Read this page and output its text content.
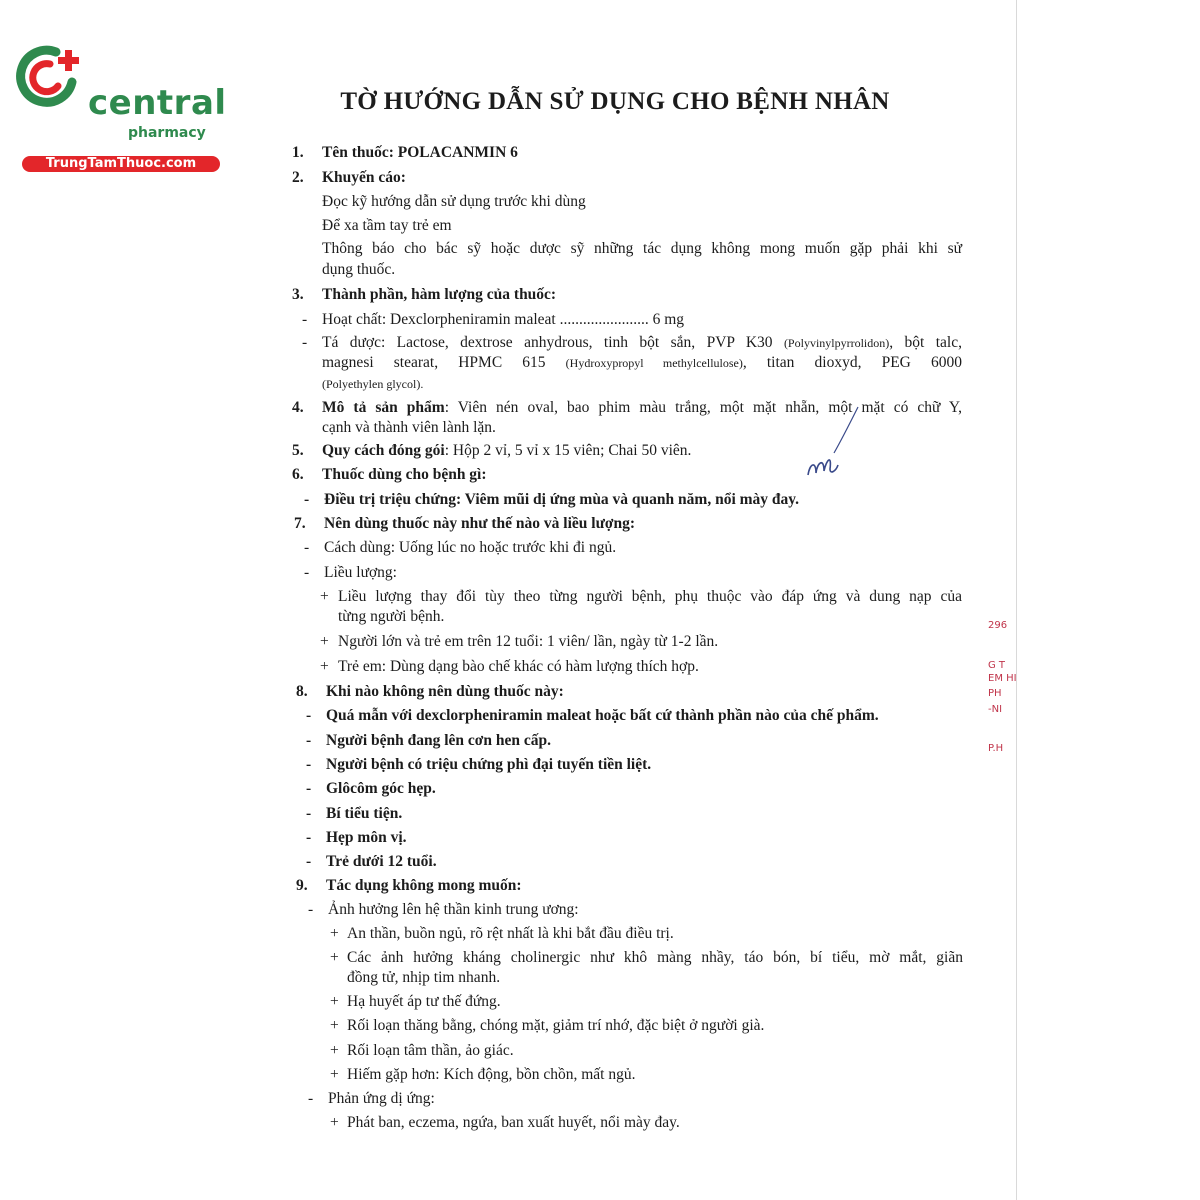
central
pharmacy
TrungTamThuoc.com
TỜ HƯỚNG DẪN SỬ DỤNG CHO BỆNH NHÂN
1. Tên thuốc: POLACANMIN 6
2. Khuyến cáo:
Đọc kỹ hướng dẫn sử dụng trước khi dùng
Để xa tầm tay trẻ em
Thông báo cho bác sỹ hoặc dược sỹ những tác dụng không mong muốn gặp phải khi sử
dụng thuốc.
3. Thành phần, hàm lượng của thuốc:
- Hoạt chất: Dexclorpheniramin maleat ....................... 6 mg
- Tá dược: Lactose, dextrose anhydrous, tinh bột sắn, PVP K30 (Polyvinylpyrrolidon), bột talc,
magnesi stearat, HPMC 615 (Hydroxypropyl methylcellulose), titan dioxyd, PEG 6000
(Polyethylen glycol).
4. Mô tả sản phẩm: Viên nén oval, bao phim màu trắng, một mặt nhẵn, một mặt có chữ Y,
cạnh và thành viên lành lặn.
5. Quy cách đóng gói: Hộp 2 vỉ, 5 vỉ x 15 viên; Chai 50 viên.
6. Thuốc dùng cho bệnh gì:
- Điều trị triệu chứng: Viêm mũi dị ứng mùa và quanh năm, nổi mày đay.
7. Nên dùng thuốc này như thế nào và liều lượng:
- Cách dùng: Uống lúc no hoặc trước khi đi ngủ.
- Liều lượng:
+ Liều lượng thay đổi tùy theo từng người bệnh, phụ thuộc vào đáp ứng và dung nạp của
từng người bệnh.
+ Người lớn và trẻ em trên 12 tuổi: 1 viên/ lần, ngày từ 1-2 lần.
+ Trẻ em: Dùng dạng bào chế khác có hàm lượng thích hợp.
8. Khi nào không nên dùng thuốc này:
- Quá mẫn với dexclorpheniramin maleat hoặc bất cứ thành phần nào của chế phẩm.
- Người bệnh đang lên cơn hen cấp.
- Người bệnh có triệu chứng phì đại tuyến tiền liệt.
- Glôcôm góc hẹp.
- Bí tiểu tiện.
- Hẹp môn vị.
- Trẻ dưới 12 tuổi.
9. Tác dụng không mong muốn:
- Ảnh hưởng lên hệ thần kinh trung ương:
+ An thần, buồn ngủ, rõ rệt nhất là khi bắt đầu điều trị.
+ Các ảnh hưởng kháng cholinergic như khô màng nhầy, táo bón, bí tiểu, mờ mắt, giãn
đồng tử, nhịp tim nhanh.
+ Hạ huyết áp tư thế đứng.
+ Rối loạn thăng bằng, chóng mặt, giảm trí nhớ, đặc biệt ở người già.
+ Rối loạn tâm thần, ảo giác.
+ Hiếm gặp hơn: Kích động, bồn chồn, mất ngủ.
- Phản ứng dị ứng:
+ Phát ban, eczema, ngứa, ban xuất huyết, nổi mày đay.
296
G T
EM HI
PH
-NI
P.H
